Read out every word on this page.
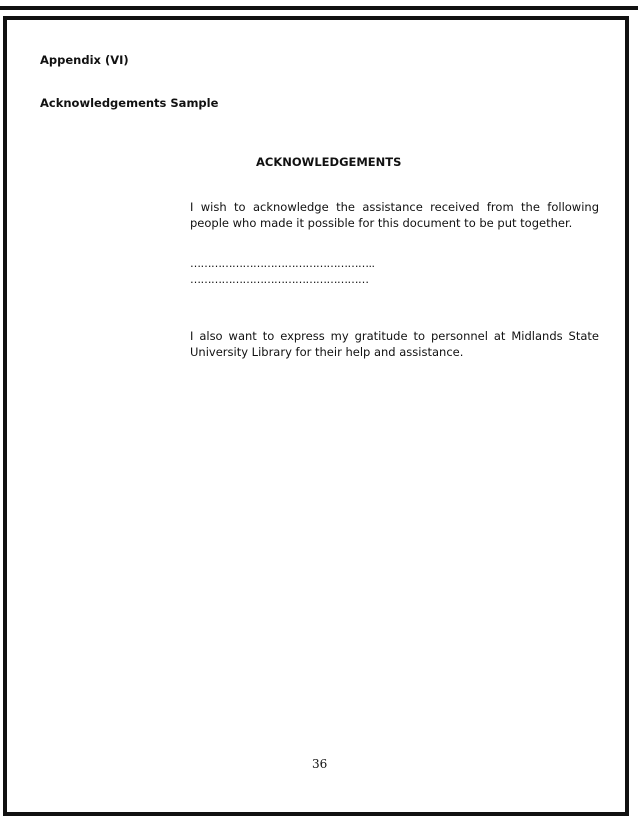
Appendix (VI)
Acknowledgements Sample
ACKNOWLEDGEMENTS
I wish to acknowledge the assistance received from the following people who made it possible for this document to be put together.
……………………………………………..
……………………………………………
I also want to express my gratitude to personnel at Midlands State University Library for their help and assistance.
36
